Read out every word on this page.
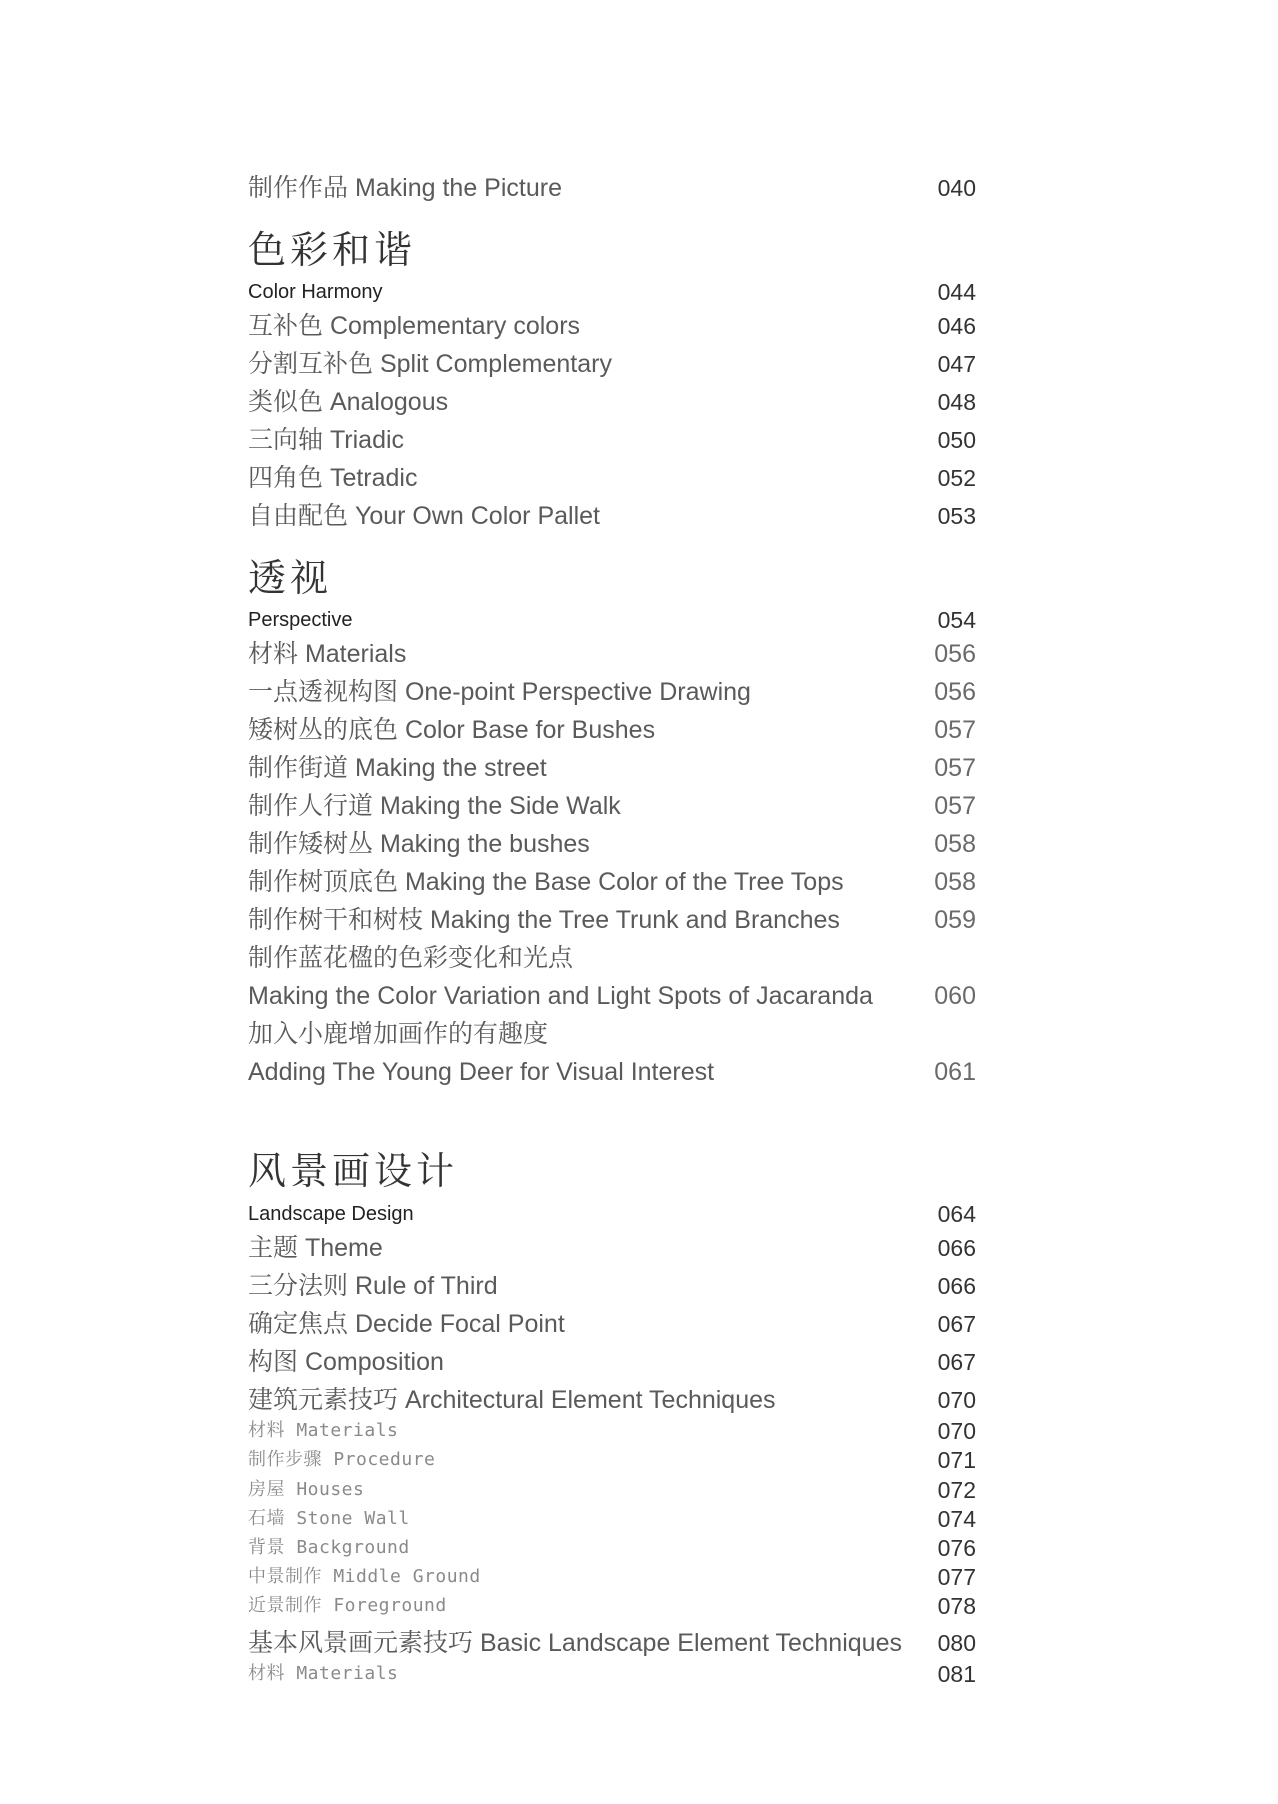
制作作品 Making the Picture	040
色彩和谐
Color Harmony	044
互补色 Complementary colors	046
分割互补色 Split Complementary	047
类似色 Analogous	048
三向轴 Triadic	050
四角色 Tetradic	052
自由配色 Your Own Color Pallet	053
透视
Perspective	054
材料 Materials	056
一点透视构图 One-point Perspective Drawing	056
矮树丛的底色 Color Base for Bushes	057
制作街道 Making the street	057
制作人行道 Making the Side Walk	057
制作矮树丛 Making the bushes	058
制作树顶底色 Making the Base Color of the Tree Tops	058
制作树干和树枝 Making the Tree Trunk and Branches	059
制作蓝花楹的色彩变化和光点
Making the Color Variation and Light Spots of Jacaranda 060
加入小鹿增加画作的有趣度
Adding The Young Deer for Visual Interest	061
风景画设计
Landscape Design	064
主题 Theme	066
三分法则 Rule of Third	066
确定焦点 Decide Focal Point	067
构图 Composition	067
建筑元素技巧 Architectural Element Techniques	070
材料 Materials	070
制作步骤 Procedure	071
房屋 Houses	072
石墙 Stone Wall	074
背景 Background	076
中景制作 Middle Ground	077
近景制作 Foreground	078
基本风景画元素技巧 Basic Landscape Element Techniques 080
材料 Materials	081
